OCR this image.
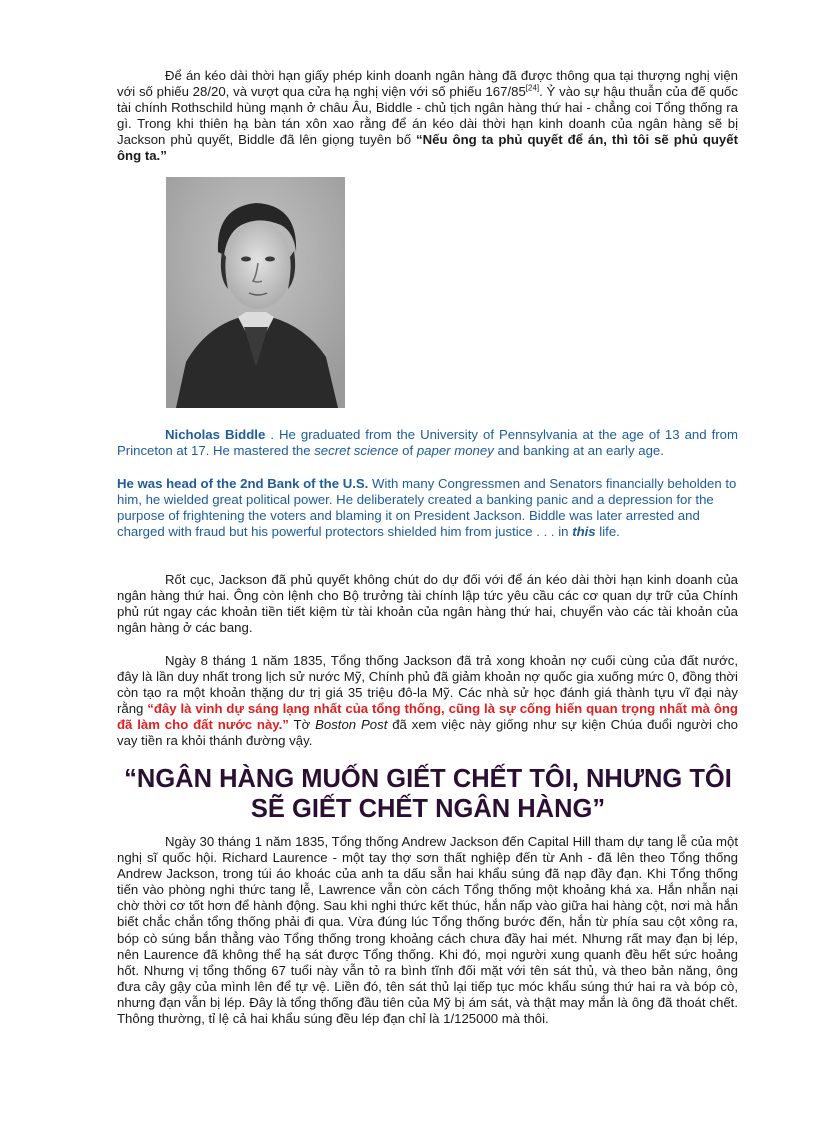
Để án kéo dài thời hạn giấy phép kinh doanh ngân hàng đã được thông qua tại thượng nghị viện với số phiếu 28/20, và vượt qua cửa hạ nghị viện với số phiếu 167/85[24]. Ỷ vào sự hậu thuẫn của đế quốc tài chính Rothschild hùng mạnh ở châu Âu, Biddle - chủ tịch ngân hàng thứ hai - chẳng coi Tổng thống ra gì. Trong khi thiên hạ bàn tán xôn xao rằng để án kéo dài thời hạn kinh doanh của ngân hàng sẽ bị Jackson phủ quyết, Biddle đã lên giọng tuyên bố “Nếu ông ta phủ quyết để án, thì tôi sẽ phủ quyết ông ta.”

Nicholas Biddle . He graduated from the University of Pennsylvania at the age of 13 and from Princeton at 17. He mastered the secret science of paper money and banking at an early age.

He was head of the 2nd Bank of the U.S. With many Congressmen and Senators financially beholden to him, he wielded great political power. He deliberately created a banking panic and a depression for the purpose of frightening the voters and blaming it on President Jackson. Biddle was later arrested and charged with fraud but his powerful protectors shielded him from justice . . . in this life.

Rốt cục, Jackson đã phủ quyết không chút do dự đối với để án kéo dài thời hạn kinh doanh của ngân hàng thứ hai. Ông còn lệnh cho Bộ trưởng tài chính lập tức yêu cầu các cơ quan dự trữ của Chính phủ rút ngay các khoản tiền tiết kiệm từ tài khoản của ngân hàng thứ hai, chuyển vào các tài khoản của ngân hàng ở các bang.

Ngày 8 tháng 1 năm 1835, Tổng thống Jackson đã trả xong khoản nợ cuối cùng của đất nước, đây là lần duy nhất trong lịch sử nước Mỹ, Chính phủ đã giảm khoản nợ quốc gia xuống mức 0, đồng thời còn tạo ra một khoản thặng dư trị giá 35 triệu đô-la Mỹ. Các nhà sử học đánh giá thành tựu vĩ đại này rằng “đây là vinh dự sáng lạng nhất của tổng thống, cũng là sự cống hiến quan trọng nhất mà ông đã làm cho đất nước này.” Tờ Boston Post đã xem việc này giống như sự kiện Chúa đuổi người cho vay tiền ra khỏi thánh đường vậy.

“NGÂN HÀNG MUỐN GIẾT CHẾT TÔI, NHƯNG TÔI
SẼ GIẾT CHẾT NGÂN HÀNG”

Ngày 30 tháng 1 năm 1835, Tổng thống Andrew Jackson đến Capital Hill tham dự tang lễ của một nghị sĩ quốc hội. Richard Laurence - một tay thợ sơn thất nghiệp đến từ Anh - đã lên theo Tổng thống Andrew Jackson, trong túi áo khoác của anh ta dấu sẵn hai khẩu súng đã nạp đầy đạn. Khi Tổng thống tiến vào phòng nghi thức tang lễ, Lawrence vẫn còn cách Tổng thống một khoảng khá xa. Hắn nhẫn nại chờ thời cơ tốt hơn để hành động. Sau khi nghi thức kết thúc, hắn nấp vào giữa hai hàng cột, nơi mà hắn biết chắc chắn tổng thống phải đi qua. Vừa đúng lúc Tổng thống bước đến, hắn từ phía sau cột xông ra, bóp cò súng bắn thẳng vào Tổng thống trong khoảng cách chưa đầy hai mét. Nhưng rất may đạn bị lép, nên Laurence đã không thể hạ sát được Tổng thống. Khi đó, mọi người xung quanh đều hết sức hoảng hốt. Nhưng vị tổng thống 67 tuổi này vẫn tỏ ra bình tĩnh đối mặt với tên sát thủ, và theo bản năng, ông đưa cây gậy của mình lên để tự vệ. Liền đó, tên sát thủ lại tiếp tục móc khẩu súng thứ hai ra và bóp cò, nhưng đạn vẫn bị lép. Đây là tổng thống đầu tiên của Mỹ bị ám sát, và thật may mắn là ông đã thoát chết. Thông thường, tỉ lệ cả hai khẩu súng đều lép đạn chỉ là 1/125000 mà thôi.
